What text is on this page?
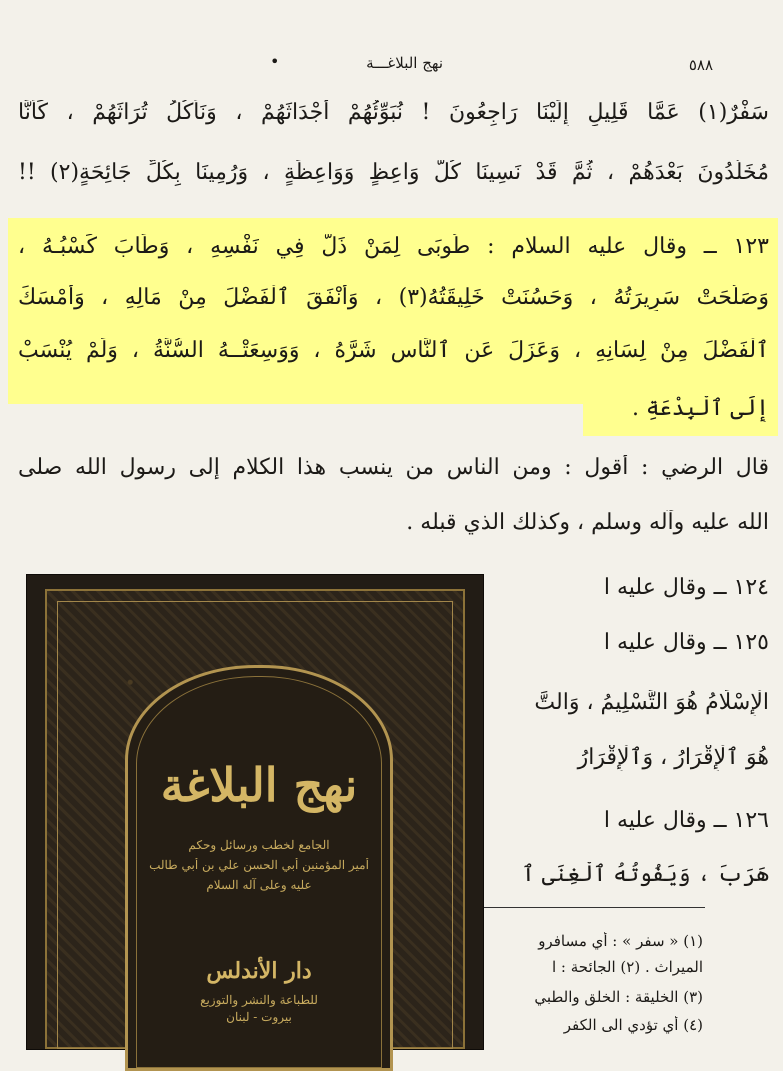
٥٨٨
نهج البلاغـــة
•
سَفْرٌ(١) عَمَّا قَلِيلٍ إِلَيْنَا رَاجِعُونَ ! نُبَوِّئُهُمْ أَجْدَاثَهُمْ ، وَنَأْكُلُ تُرَاثَهُمْ ، كَأَنَّا
مُخَلَّدُونَ بَعْدَهُمْ ، ثُمَّ قَدْ نَسِينَا كُلَّ وَاعِظٍ وَوَاعِظَةٍ ، وَرُمِينَا بِكُلِّ جَائِحَةٍ(٢) !!
١٢٣ ــ وقال عليه السلام : طُوبَى لِمَنْ ذَلَّ فِي نَفْسِهِ ، وَطَابَ كَسْبُـهُ ،
وَصَلُحَتْ سَرِيرَتُهُ ، وَحَسُنَتْ خَلِيقَتُهُ(٣) ، وَأَنْفَقَ ٱلْفَضْلَ مِنْ مَالِهِ ، وَأَمْسَكَ
ٱلْفَضْلَ مِنْ لِسَانِهِ ، وَعَزَلَ عَنِ ٱلنَّاسِ شَرَّهُ ، وَوَسِعَتْــهُ السُّنَّةُ ، وَلَمْ يُنْسَبْ
إِلَى ٱلْبِدْعَةِ .
قال الرضي : أقول : ومن الناس من ينسب هذا الكلام إلى رسول الله صلى
الله عليه وآله وسلم ، وكذلك الذي قبله .
١٢٤ ــ وقال عليه ا
١٢٥ ــ وقال عليه ا
الْإِسْلَامُ هُوَ التَّسْلِيمُ ، وَالتَّ
هُوَ ٱلْإِقْرَارُ ، وَٱلْإِقْرَارُ
١٢٦ ــ وقال عليه ا
هَرَبَ ، وَيَفُوتُهُ ٱلْغِنَى ٱ
(١) « سفر » : أي مسافرو
الميراث . (٢) الجائحة : ا
(٣) الخليقة : الخلق والطبي
(٤) أي تؤدي الى الكفر
نهج البلاغة
الجامع لخطب ورسائل وحكم
أمير المؤمنين أبي الحسن علي بن أبي طالب
عليه وعلى آله السلام
دار الأندلس
للطباعة والنشر والتوزيع
بيروت - لبنان
